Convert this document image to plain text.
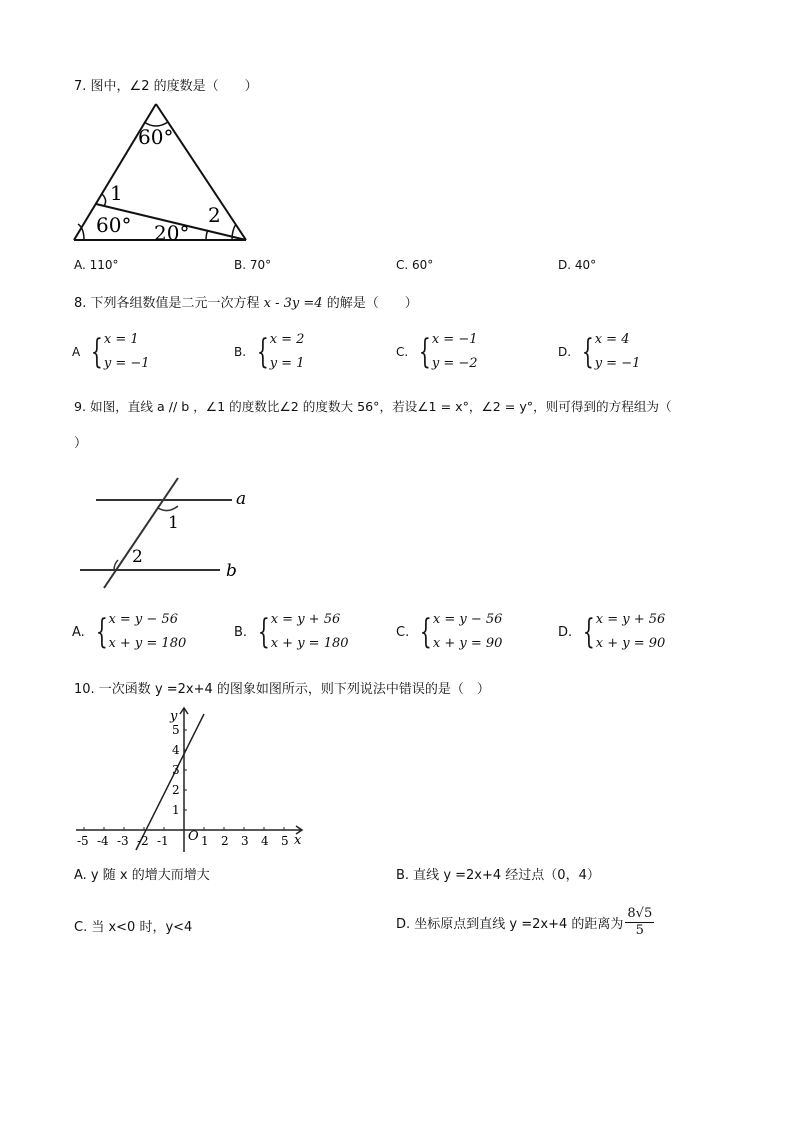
7. 图中，∠2 的度数是（　　）
60°
60° 20°
1
2
A. 110°	B. 70°	C. 60°	D. 40°
8. 下列各组数值是二元一次方程 x - 3y =4 的解是（　　）
A { x = 1
y = −1
B. { x = 2
y = 1
C. { x = −1
y = −2
D. { x = 4
y = −1
9. 如图，直线 a // b ，∠1 的度数比∠2 的度数大 56°，若设∠1 = x°，∠2 = y°，则可得到的方程组为（
）
a
b
1
2
A. { x = y − 56
x + y = 180
B. { x = y + 56
x + y = 180
C. { x = y − 56
x + y = 90
D. { x = y + 56
x + y = 90
10. 一次函数 y =2x+4 的图象如图所示，则下列说法中错误的是（　）
-5 -4 -3 -2 -1	1 2 3 4 5
1
2
3
4
5
O	x
y
A. y 随 x 的增大而增大	B. 直线 y =2x+4 经过点（0，4）
C. 当 x<0 时，y<4	D. 坐标原点到直线 y =2x+4 的距离为 $\frac{8√5}{5}$
